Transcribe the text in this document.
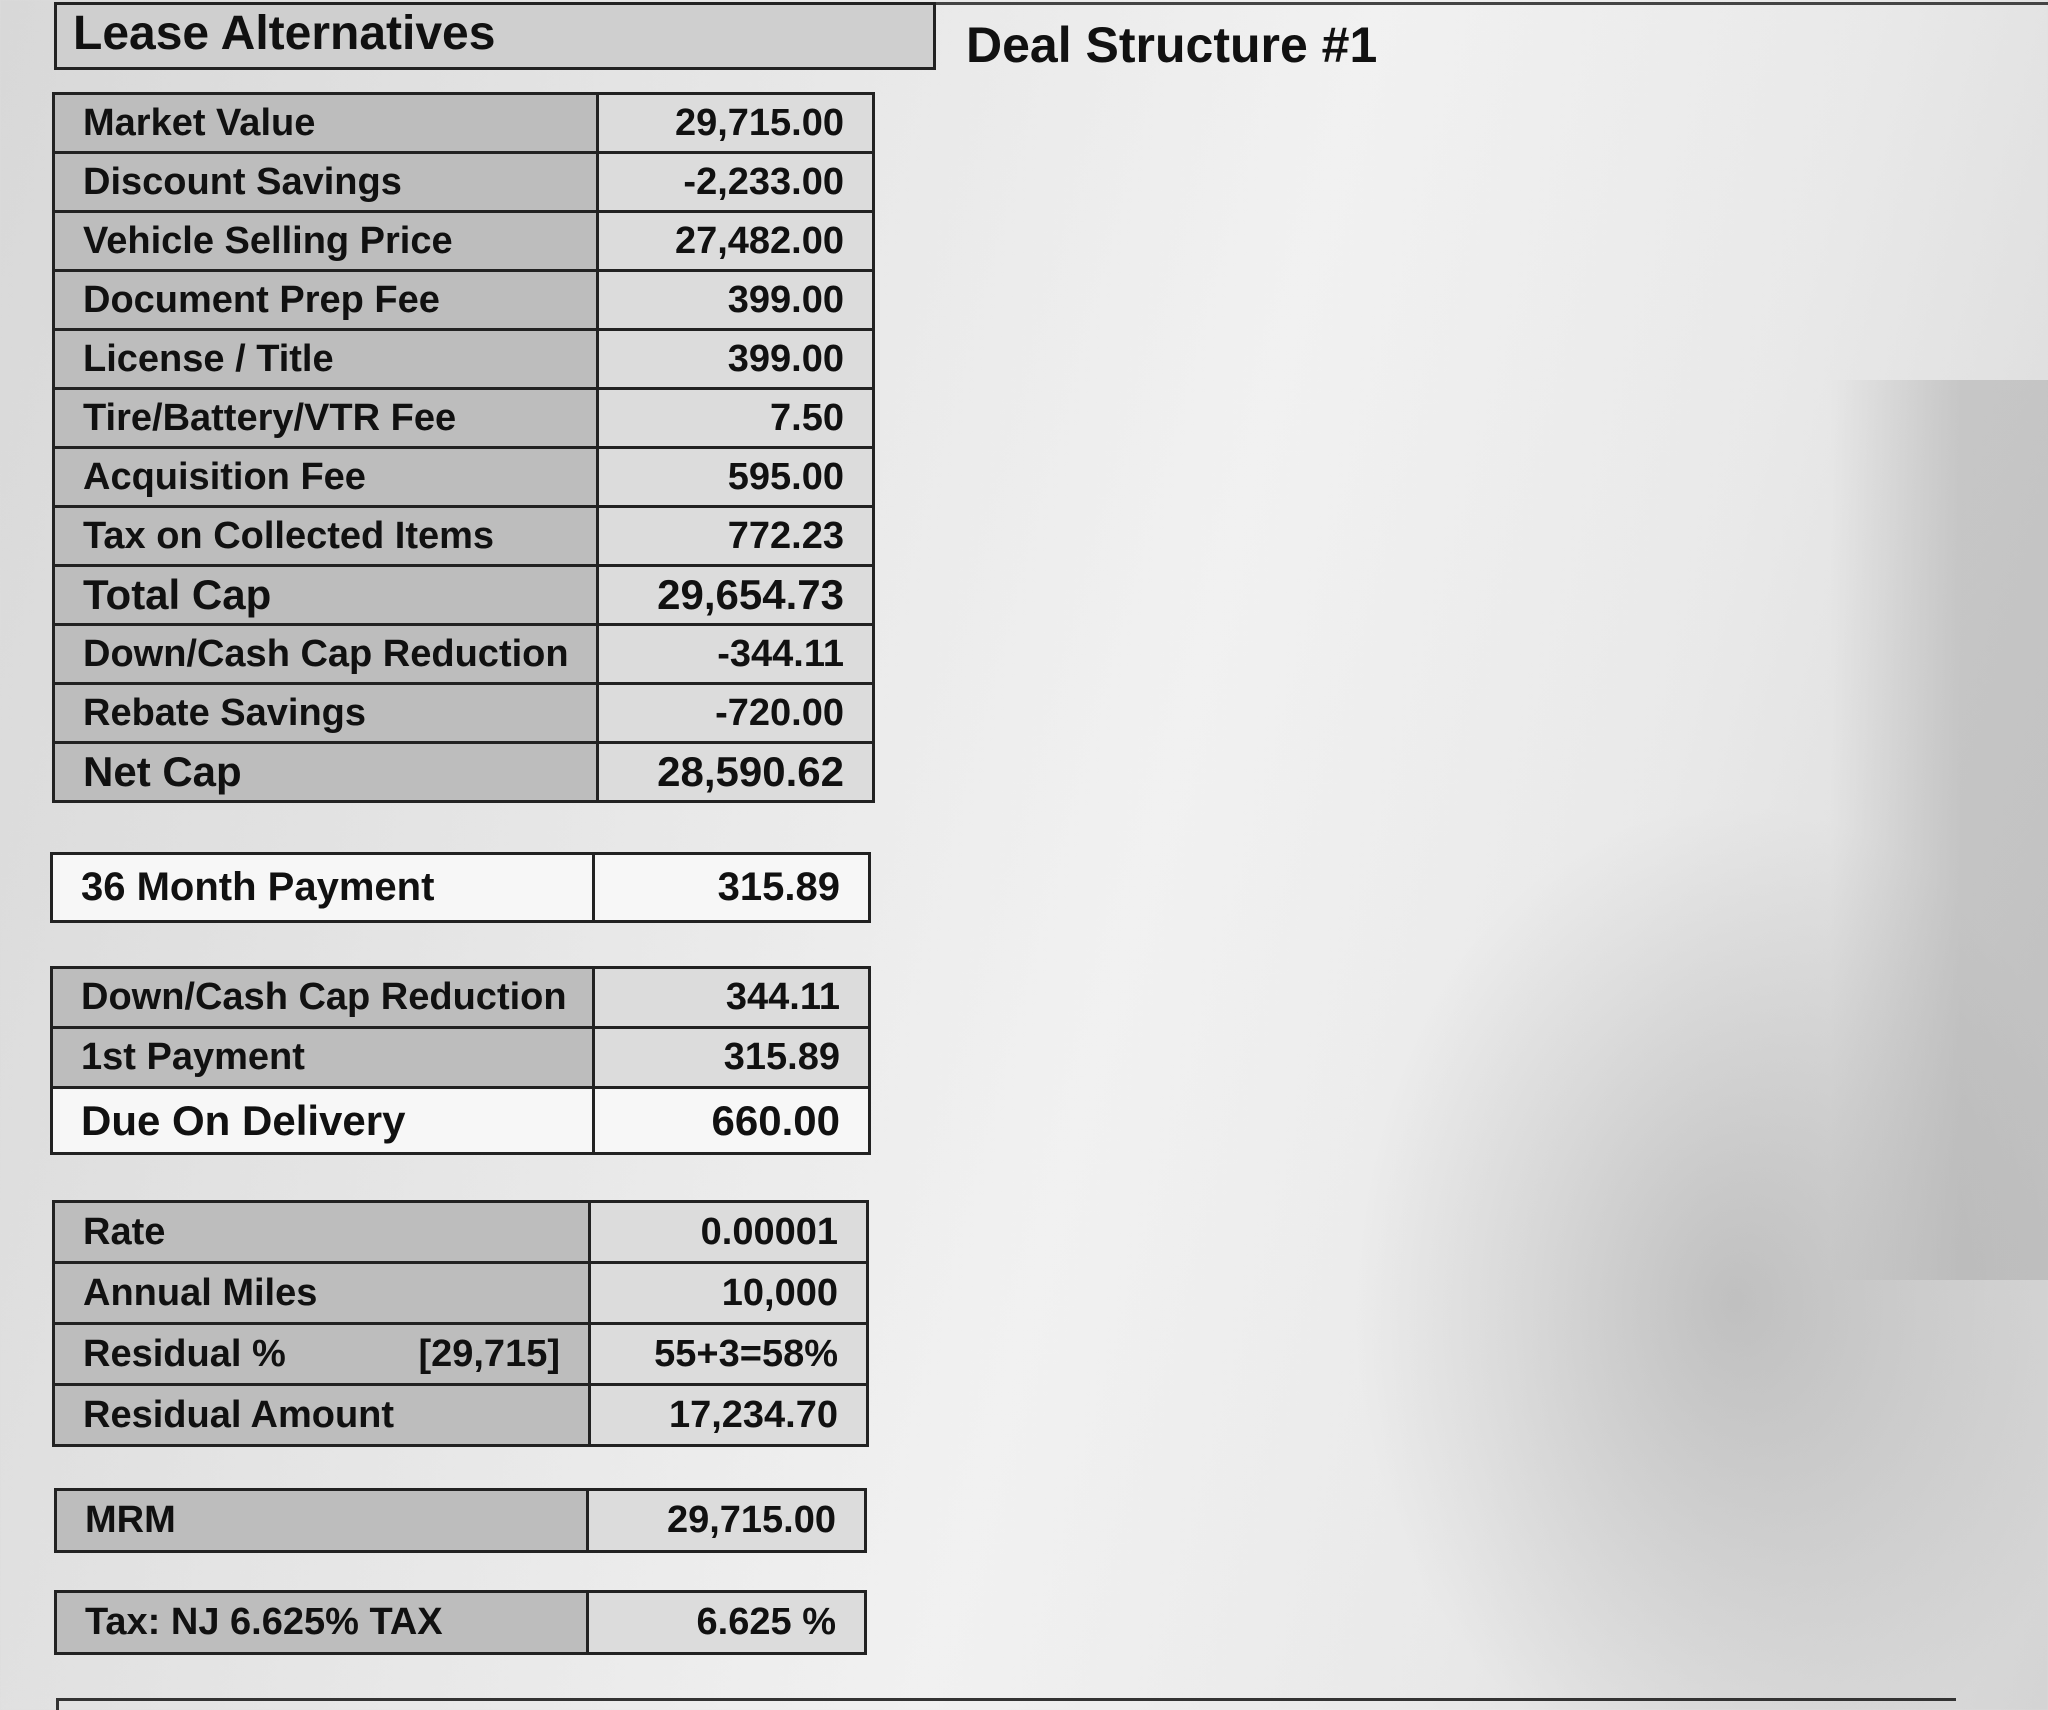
Lease Alternatives	Deal Structure #1
Market Value	29,715.00
Discount Savings	-2,233.00
Vehicle Selling Price	27,482.00
Document Prep Fee	399.00
License / Title	399.00
Tire/Battery/VTR Fee	7.50
Acquisition Fee	595.00
Tax on Collected Items	772.23
Total Cap	29,654.73
Down/Cash Cap Reduction	-344.11
Rebate Savings	-720.00
Net Cap	28,590.62
36 Month Payment	315.89
Down/Cash Cap Reduction	344.11
1st Payment	315.89
Due On Delivery	660.00
Rate	0.00001
Annual Miles	10,000

Residual % [29,715]	55+3=58%
Residual Amount	17,234.70
MRM	29,715.00
Tax: NJ 6.625% TAX	6.625 %
